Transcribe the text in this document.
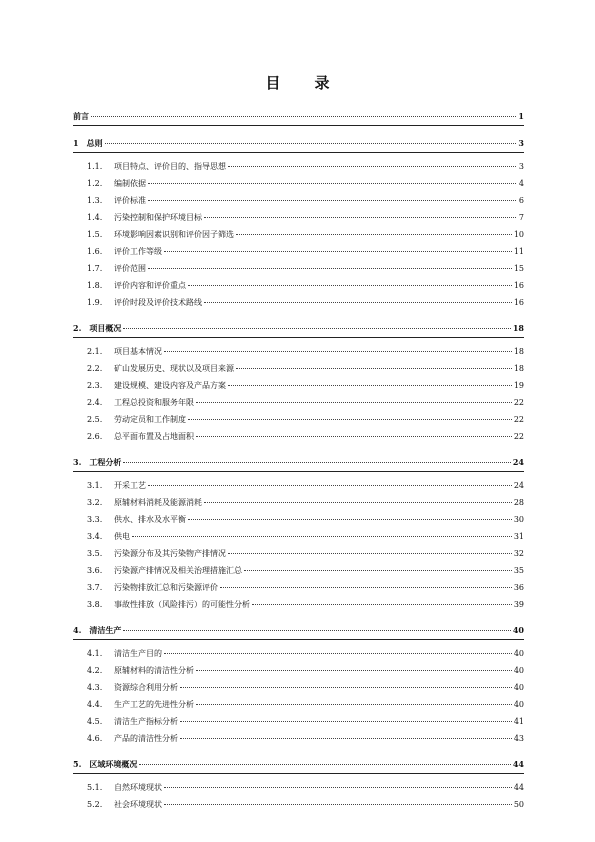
目 录
前言	1
1 总则	3
1.1.	项目特点、评价目的、指导思想	3
1.2.	编制依据	4
1.3.	评价标准	6
1.4.	污染控制和保护环境目标	7
1.5.	环境影响因素识别和评价因子筛选	10
1.6.	评价工作等级	11
1.7.	评价范围	15
1.8.	评价内容和评价重点	16
1.9.	评价时段及评价技术路线	16
2. 项目概况	18
2.1.	项目基本情况	18
2.2.	矿山发展历史、现状以及项目来源	18
2.3.	建设规模、建设内容及产品方案	19
2.4.	工程总投资和服务年限	22
2.5.	劳动定员和工作制度	22
2.6.	总平面布置及占地面积	22
3. 工程分析	24
3.1.	开采工艺	24
3.2.	原辅材料消耗及能源消耗	28
3.3.	供水、排水及水平衡	30
3.4.	供电	31
3.5.	污染源分布及其污染物产排情况	32
3.6.	污染源产排情况及相关治理措施汇总	35
3.7.	污染物排放汇总和污染源评价	36
3.8.	事故性排放（风险排污）的可能性分析	39
4. 清洁生产	40
4.1.	清洁生产目的	40
4.2.	原辅材料的清洁性分析	40
4.3.	资源综合利用分析	40
4.4.	生产工艺的先进性分析	40
4.5.	清洁生产指标分析	41
4.6.	产品的清洁性分析	43
5. 区域环境概况	44
5.1.	自然环境现状	44
5.2.	社会环境现状	50
